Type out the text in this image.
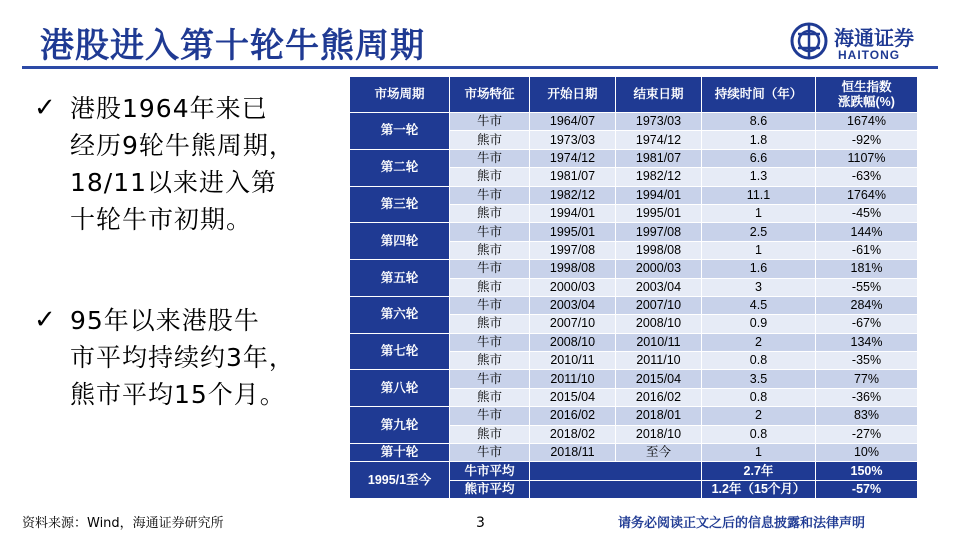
港股进入第十轮牛熊周期	海通证券
HAITONG
✓ 港股1964年来已
经历9轮牛熊周期，
18/11以来进入第
十轮牛市初期。
✓ 95年以来港股牛
市平均持续约3年，
熊市平均15个月。
市场周期	市场特征	开始日期	结束日期	持续时间（年）	恒生指数
涨跌幅(%)
第一轮	牛市	1964/07	1973/03	8.6	1674%
	熊市	1973/03	1974/12	1.8	-92%
第二轮	牛市	1974/12	1981/07	6.6	1107%
	熊市	1981/07	1982/12	1.3	-63%
第三轮	牛市	1982/12	1994/01	11.1	1764%
	熊市	1994/01	1995/01	1	-45%
第四轮	牛市	1995/01	1997/08	2.5	144%
	熊市	1997/08	1998/08	1	-61%
第五轮	牛市	1998/08	2000/03	1.6	181%
	熊市	2000/03	2003/04	3	-55%
第六轮	牛市	2003/04	2007/10	4.5	284%
	熊市	2007/10	2008/10	0.9	-67%
第七轮	牛市	2008/10	2010/11	2	134%
	熊市	2010/11	2011/10	0.8	-35%
第八轮	牛市	2011/10	2015/04	3.5	77%
	熊市	2015/04	2016/02	0.8	-36%
第九轮	牛市	2016/02	2018/01	2	83%
	熊市	2018/02	2018/10	0.8	-27%
第十轮	牛市	2018/11	至今	1	10%
1995/1至今	牛市平均			2.7年	150%
	熊市平均			1.2年（15个月）	-57%
资料来源：Wind，海通证券研究所	3	请务必阅读正文之后的信息披露和法律声明
